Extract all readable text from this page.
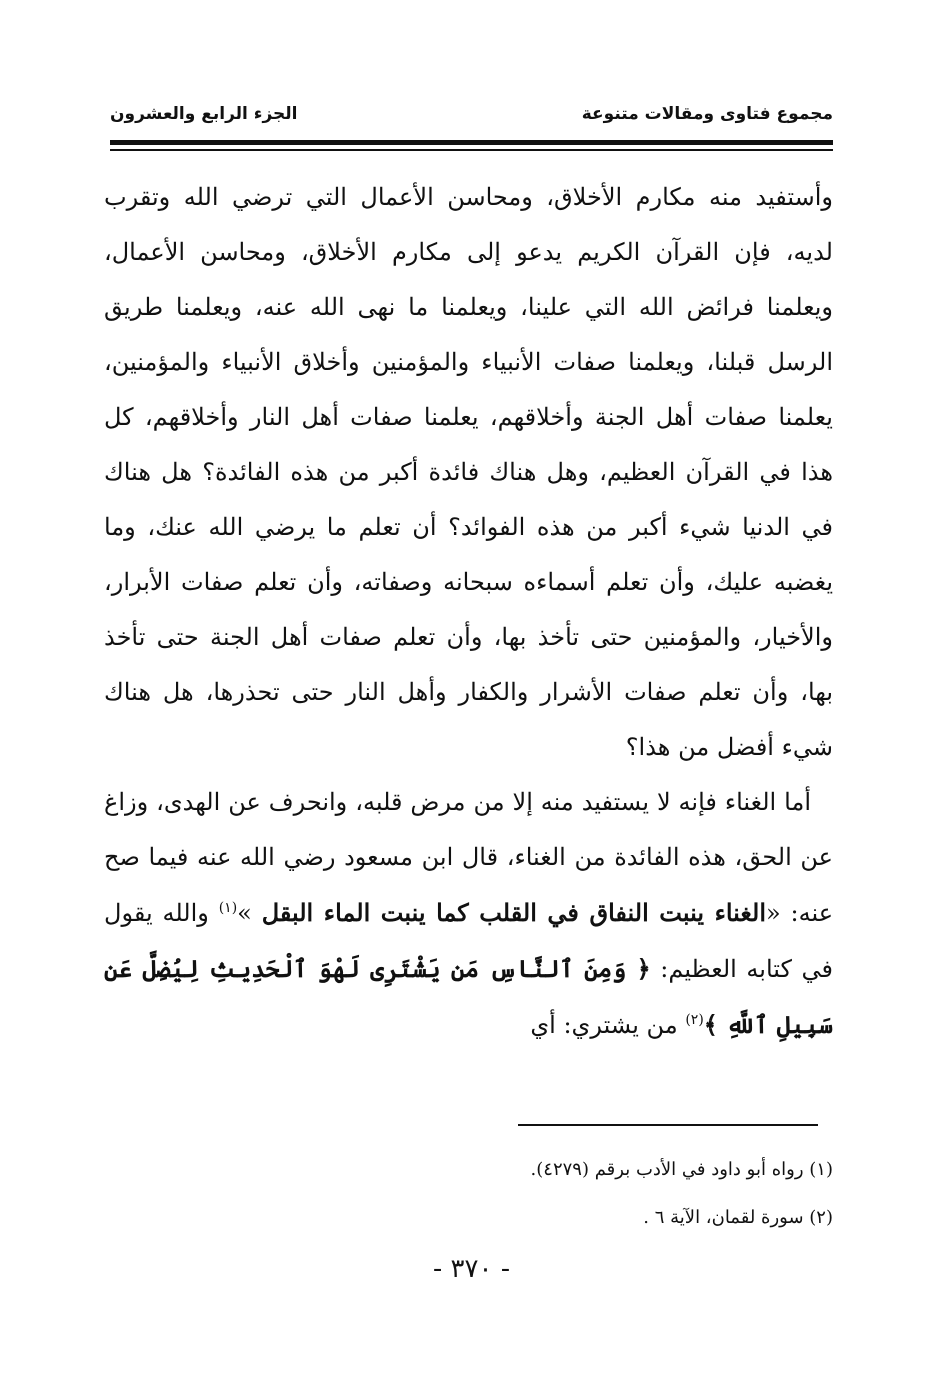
مجموع فتاوى ومقالات متنوعة
الجزء الرابع والعشرون

وأستفيد منه مكارم الأخلاق، ومحاسن الأعمال التي ترضي الله وتقرب لديه، فإن القرآن الكريم يدعو إلى مكارم الأخلاق، ومحاسن الأعمال، ويعلمنا فرائض الله التي علينا، ويعلمنا ما نهى الله عنه، ويعلمنا طريق الرسل قبلنا، ويعلمنا صفات الأنبياء والمؤمنين وأخلاق الأنبياء والمؤمنين، يعلمنا صفات أهل الجنة وأخلاقهم، يعلمنا صفات أهل النار وأخلاقهم، كل هذا في القرآن العظيم، وهل هناك فائدة أكبر من هذه الفائدة؟ هل هناك في الدنيا شيء أكبر من هذه الفوائد؟ أن تعلم ما يرضي الله عنك، وما يغضبه عليك، وأن تعلم أسماءه سبحانه وصفاته، وأن تعلم صفات الأبرار، والأخيار، والمؤمنين حتى تأخذ بها، وأن تعلم صفات أهل الجنة حتى تأخذ بها، وأن تعلم صفات الأشرار والكفار وأهل النار حتى تحذرها، هل هناك شيء أفضل من هذا؟

أما الغناء فإنه لا يستفيد منه إلا من مرض قلبه، وانحرف عن الهدى، وزاغ عن الحق، هذه الفائدة من الغناء، قال ابن مسعود رضي الله عنه فيما صح عنه: «الغناء ينبت النفاق في القلب كما ينبت الماء البقل »$^{(١)}$ والله يقول في كتابه العظيم: ﴿ وَمِنَ ٱلنَّاسِ مَن يَشْتَرِى لَهْوَ ٱلْحَدِيثِ لِيُضِلَّ عَن سَبِيلِ ٱللَّهِ ﴾$^{(٢)}$ من يشتري: أي

(١) رواه أبو داود في الأدب برقم (٤٢٧٩).

(٢) سورة لقمان، الآية ٦ .

- ٣٧٠ -
